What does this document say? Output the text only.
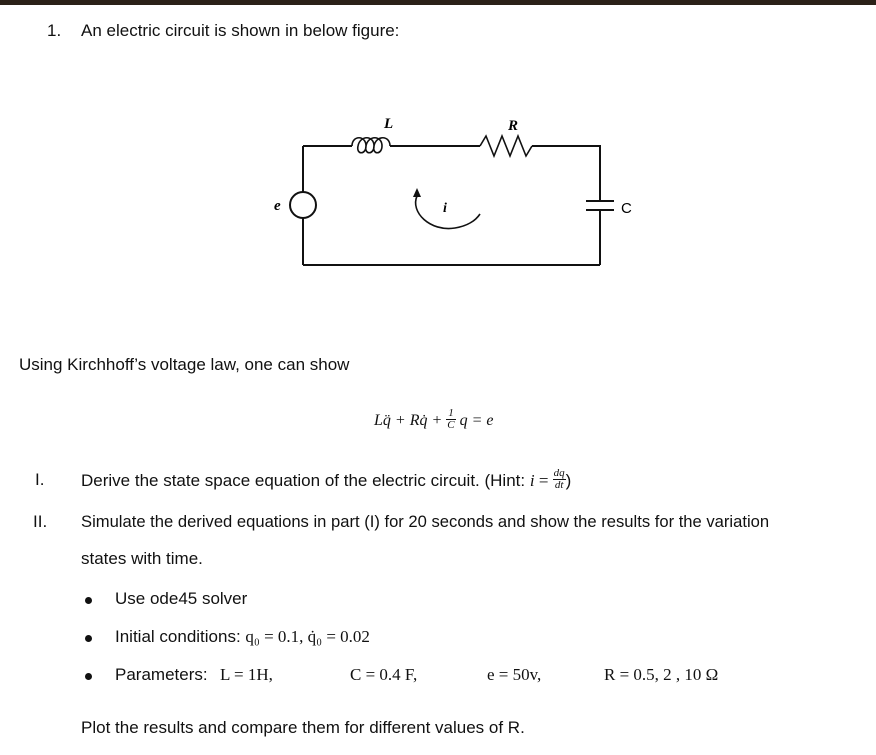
1. An electric circuit is shown in below figure:
L	R
C
e	i
Using Kirchhoff’s voltage law, one can show
Lq̈ + Rq̇ + $\frac{1}{C}$ q = e
I. Derive the state space equation of the electric circuit. (Hint: $i = \frac{dq}{dt}$ )
II. Simulate the derived equations in part (I) for 20 seconds and show the results for the variation
states with time.
Use ode45 solver
Initial conditions: q₀ = 0.1, q̇₀ = 0.02
Parameters: L = 1H,	C = 0.4 F,	e = 50v,	R = 0.5, 2 , 10 Ω
Plot the results and compare them for different values of R.
